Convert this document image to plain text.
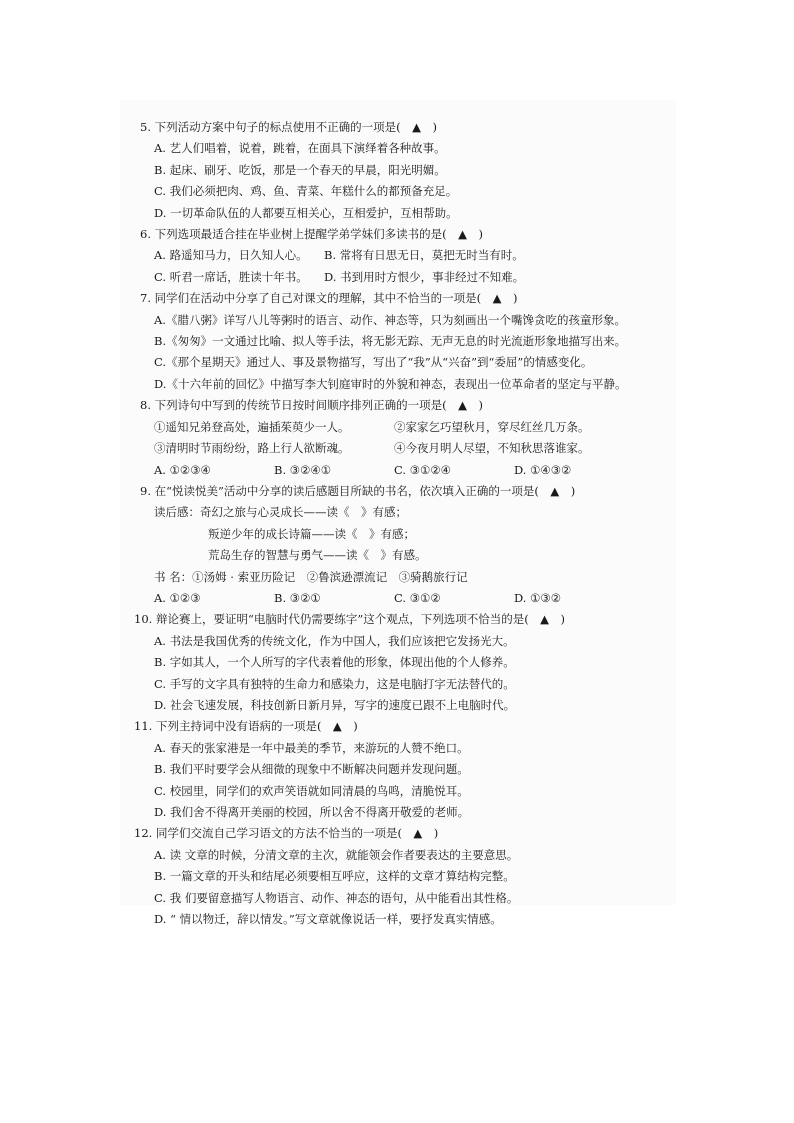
5. 下列活动方案中句子的标点使用不正确的一项是(　▲　)
A. 艺人们唱着，说着，跳着，在面具下演绎着各种故事。
B. 起床、刷牙、吃饭，那是一个春天的早晨，阳光明媚。
C. 我们必须把肉、鸡、鱼、青菜、年糕什么的都预备充足。
D. 一切革命队伍的人都要互相关心，互相爱护，互相帮助。
6. 下列选项最适合挂在毕业树上提醒学弟学妹们多读书的是(　▲　)
A. 路遥知马力，日久知人心。	B. 常将有日思无日，莫把无时当有时。
C. 听君一席话，胜读十年书。	D. 书到用时方恨少，事非经过不知难。
7. 同学们在活动中分享了自己对课文的理解，其中不恰当的一项是(　▲　)
A.《腊八粥》详写八儿等粥时的语言、动作、神态等，只为刻画出一个嘴馋贪吃的孩童形象。
B.《匆匆》一文通过比喻、拟人等手法，将无影无踪、无声无息的时光流逝形象地描写出来。
C.《那个星期天》通过人、事及景物描写，写出了“我”从“兴奋”到“委屈”的情感变化。
D.《十六年前的回忆》中描写李大钊庭审时的外貌和神态，表现出一位革命者的坚定与平静。
8. 下列诗句中写到的传统节日按时间顺序排列正确的一项是(　▲　)
①遥知兄弟登高处，遍插茱萸少一人。	②家家乞巧望秋月，穿尽红丝几万条。
③清明时节雨纷纷，路上行人欲断魂。	④今夜月明人尽望，不知秋思落谁家。
A. ①②③④	B. ③②④①	C. ③①②④	D. ①④③②
9. 在“悦读悦美”活动中分享的读后感题目所缺的书名，依次填入正确的一项是(　▲　)
读后感：奇幻之旅与心灵成长——读《　》有感；
叛逆少年的成长诗篇——读《　》有感；
荒岛生存的智慧与勇气——读《　》有感。
书 名：①汤姆 · 索亚历险记　②鲁滨逊漂流记　③骑鹅旅行记
A. ①②③	B. ③②①	C. ③①②	D. ①③②
10. 辩论赛上，要证明“电脑时代仍需要练字”这个观点，下列选项不恰当的是(　▲　)
A. 书法是我国优秀的传统文化，作为中国人，我们应该把它发扬光大。
B. 字如其人，一个人所写的字代表着他的形象，体现出他的个人修养。
C. 手写的文字具有独特的生命力和感染力，这是电脑打字无法替代的。
D. 社会飞速发展，科技创新日新月异，写字的速度已跟不上电脑时代。
11. 下列主持词中没有语病的一项是(　▲　)
A. 春天的张家港是一年中最美的季节，来游玩的人赞不绝口。
B. 我们平时要学会从细微的现象中不断解决问题并发现问题。
C. 校园里，同学们的欢声笑语就如同清晨的鸟鸣，清脆悦耳。
D. 我们舍不得离开美丽的校园，所以舍不得离开敬爱的老师。
12. 同学们交流自己学习语文的方法不恰当的一项是(　▲　)
A. 读 文章的时候，分清文章的主次，就能领会作者要表达的主要意思。
B. 一篇文章的开头和结尾必须要相互呼应，这样的文章才算结构完整。
C. 我 们要留意描写人物语言、动作、神态的语句，从中能看出其性格。
D. “ 情以物迁，辞以情发。”写文章就像说话一样，要抒发真实情感。
